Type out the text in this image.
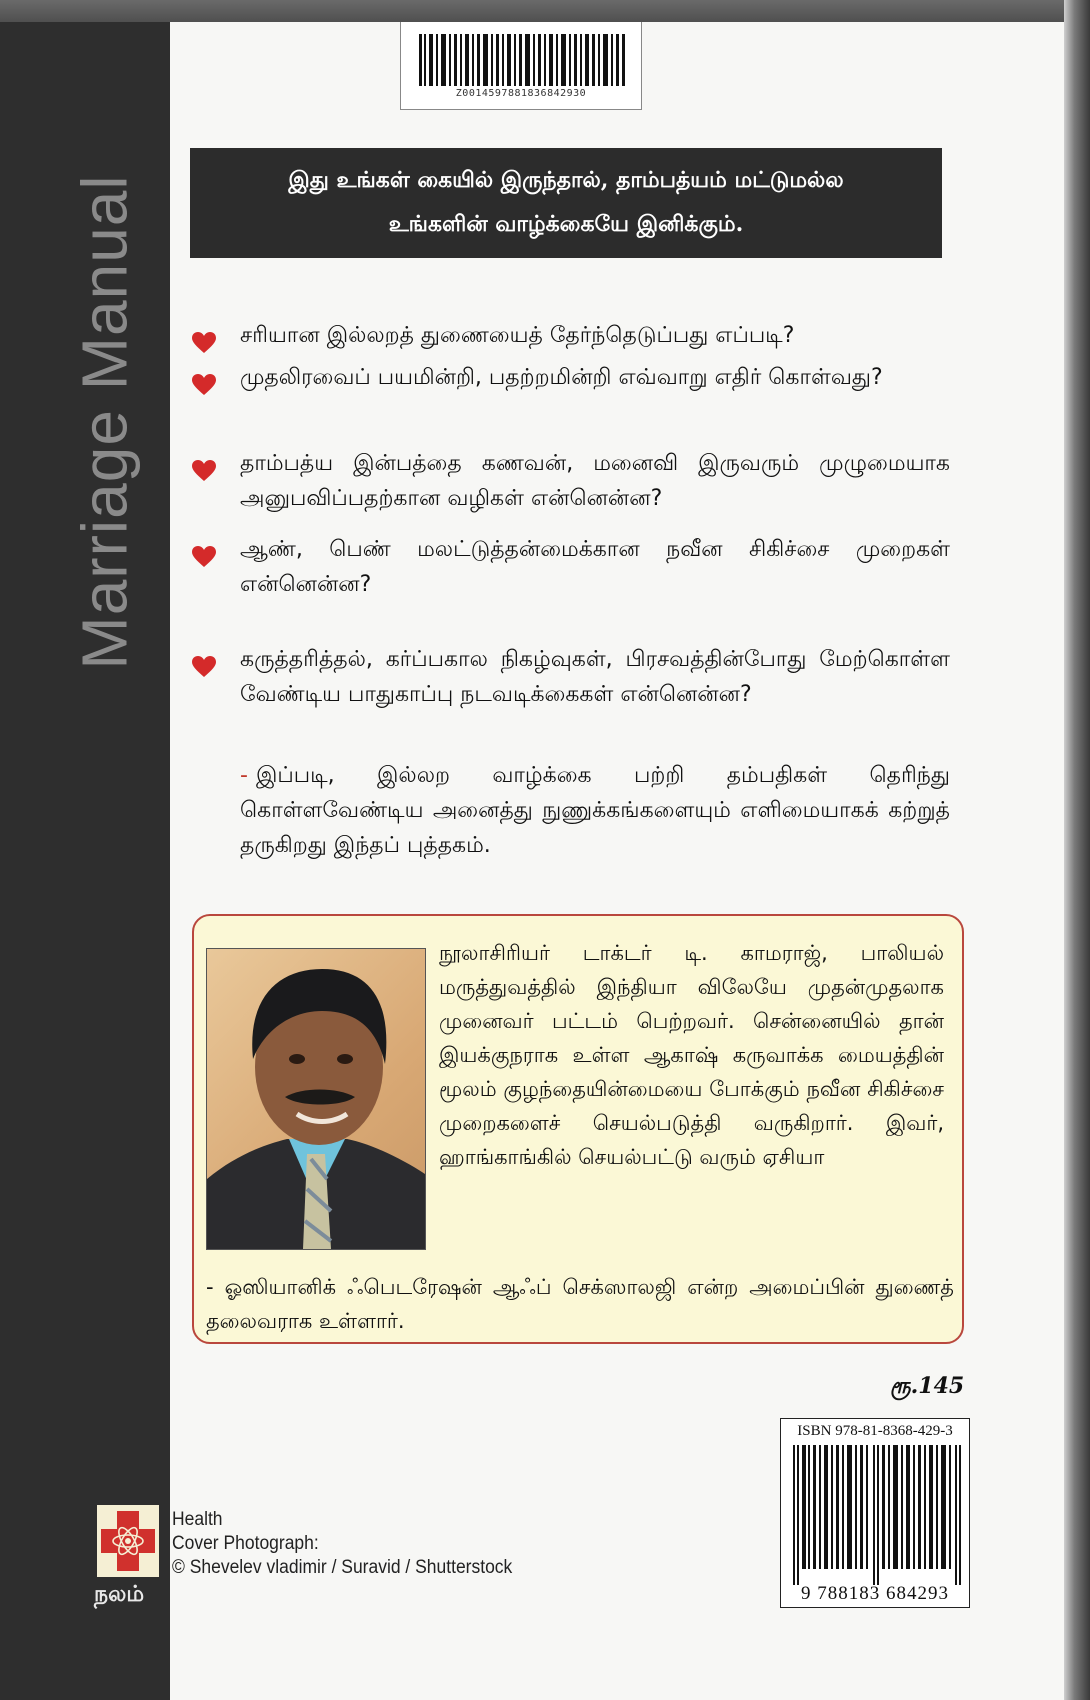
Marriage Manual
Z0014597881836842930
இது உங்கள் கையில் இருந்தால், தாம்பத்யம் மட்டுமல்ல
உங்களின் வாழ்க்கையே இனிக்கும்.
சரியான இல்லறத் துணையைத் தேர்ந்தெடுப்பது எப்படி?
முதலிரவைப் பயமின்றி, பதற்றமின்றி எவ்வாறு எதிர் கொள்வது?
தாம்பத்ய இன்பத்தை கணவன், மனைவி இருவரும் முழுமையாக அனுபவிப்பதற்கான வழிகள் என்னென்ன?
ஆண், பெண் மலட்டுத்தன்மைக்கான நவீன சிகிச்சை முறைகள் என்னென்ன?
கருத்தரித்தல், கர்ப்பகால நிகழ்வுகள், பிரசவத்தின்போது மேற்கொள்ள வேண்டிய பாதுகாப்பு நடவடிக்கைகள் என்னென்ன?
- இப்படி, இல்லற வாழ்க்கை பற்றி தம்பதிகள் தெரிந்து கொள்ளவேண்டிய அனைத்து நுணுக்கங்களையும் எளிமையாகக் கற்றுத் தருகிறது இந்தப் புத்தகம்.
நூலாசிரியர் டாக்டர் டி. காமராஜ், பாலியல் மருத்துவத்தில் இந்தியா விலேயே முதன்முதலாக முனைவர் பட்டம் பெற்றவர். சென்னையில் தான் இயக்குநராக உள்ள ஆகாஷ் கருவாக்க மையத்தின் மூலம் குழந்தையின்மையை போக்கும் நவீன சிகிச்சை முறைகளைச் செயல்படுத்தி வருகிறார். இவர், ஹாங்காங்கில் செயல்பட்டு வரும் ஏசியா
- ஓஸியானிக் ஃபெடரேஷன் ஆஃப் செக்ஸாலஜி என்ற அமைப்பின் துணைத் தலைவராக உள்ளார்.
ரூ.145
ISBN 978-81-8368-429-3
9 788183 684293
நலம்
Health
Cover Photograph:
© Shevelev vladimir / Suravid / Shutterstock
